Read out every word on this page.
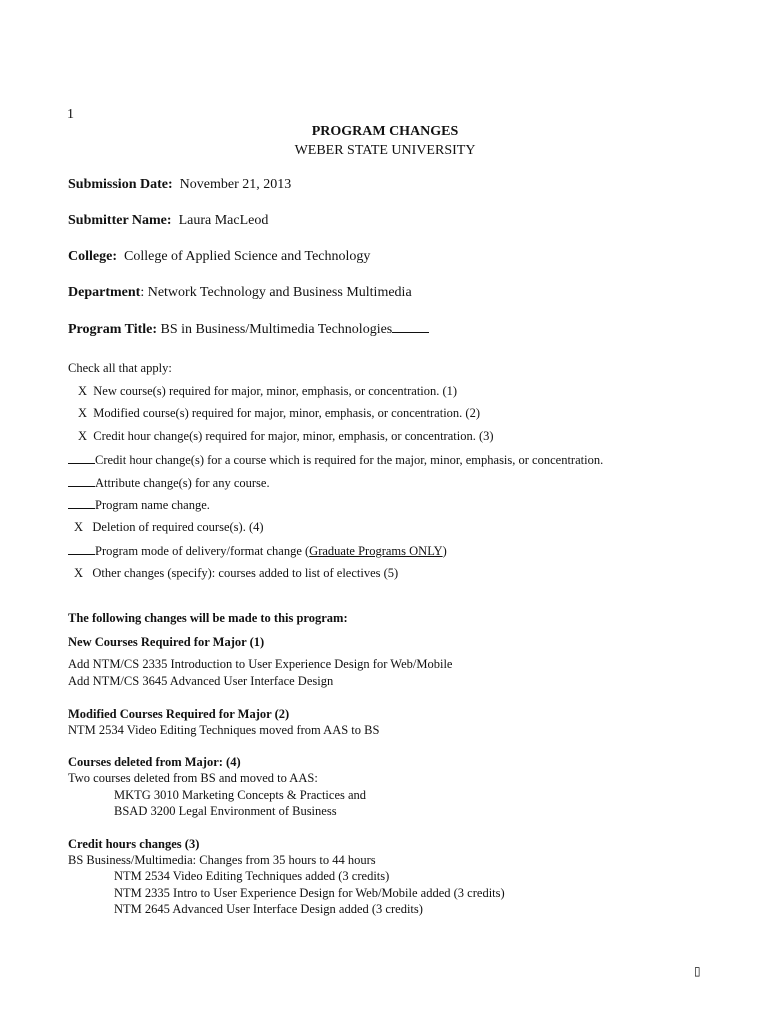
1
PROGRAM CHANGES
WEBER STATE UNIVERSITY
Submission Date: November 21, 2013
Submitter Name: Laura MacLeod
College: College of Applied Science and Technology
Department: Network Technology and Business Multimedia
Program Title: BS in Business/Multimedia Technologies
Check all that apply:
X New course(s) required for major, minor, emphasis, or concentration. (1)
X Modified course(s) required for major, minor, emphasis, or concentration. (2)
X Credit hour change(s) required for major, minor, emphasis, or concentration. (3)
Credit hour change(s) for a course which is required for the major, minor, emphasis, or concentration.
Attribute change(s) for any course.
Program name change.
X Deletion of required course(s). (4)
Program mode of delivery/format change (Graduate Programs ONLY)
X Other changes (specify): courses added to list of electives (5)
The following changes will be made to this program:
New Courses Required for Major (1)
Add NTM/CS 2335 Introduction to User Experience Design for Web/Mobile
Add NTM/CS 3645 Advanced User Interface Design
Modified Courses Required for Major (2)
NTM 2534 Video Editing Techniques moved from AAS to BS
Courses deleted from Major: (4)
Two courses deleted from BS and moved to AAS:
MKTG 3010 Marketing Concepts & Practices and
BSAD 3200 Legal Environment of Business
Credit hours changes (3)
BS Business/Multimedia: Changes from 35 hours to 44 hours
NTM 2534 Video Editing Techniques added (3 credits)
NTM 2335 Intro to User Experience Design for Web/Mobile added (3 credits)
NTM 2645 Advanced User Interface Design added (3 credits)
▯
